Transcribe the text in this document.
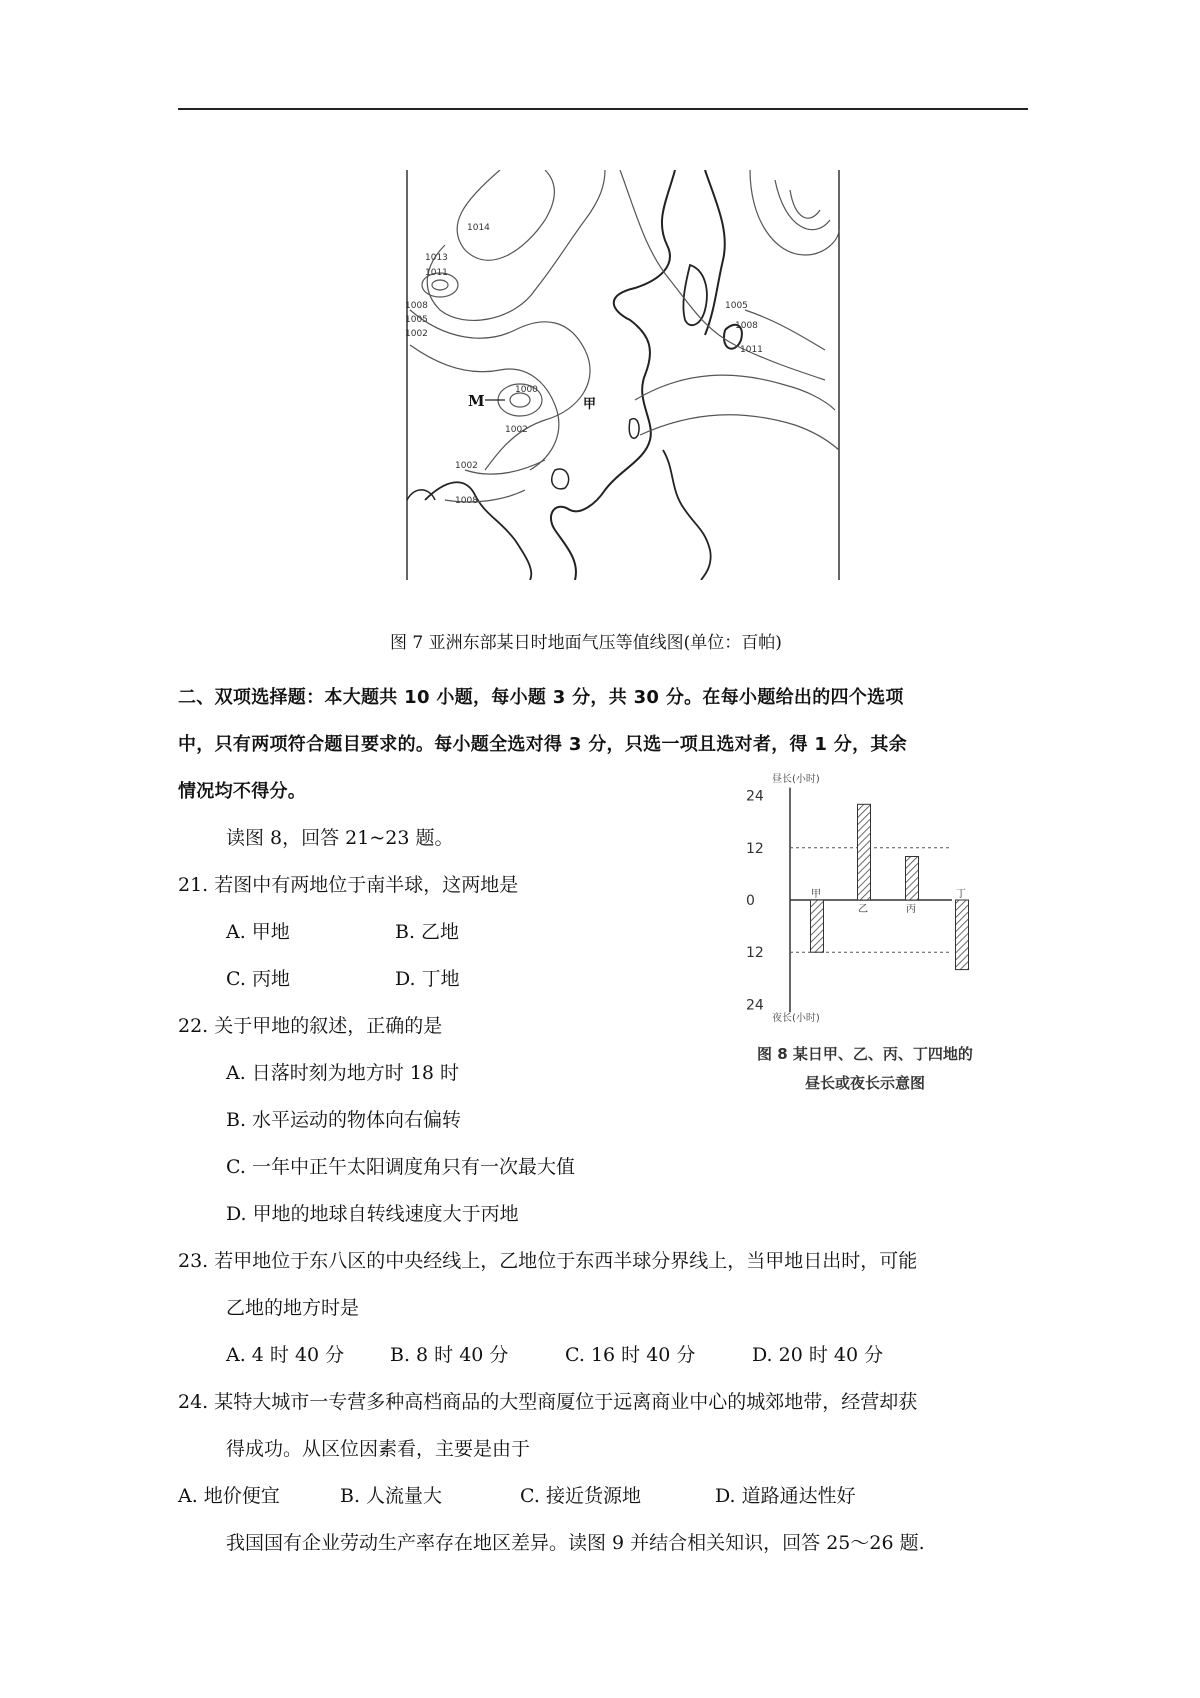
1014
1013
1011
1008
1005
1002
1002
1000
1005
1008
1011
1002
1008
M	甲
图 7 亚洲东部某日时地面气压等值线图(单位：百帕)
二、双项选择题：本大题共 10 小题，每小题 3 分，共 30 分。在每小题给出的四个选项
中，只有两项符合题目要求的。每小题全选对得 3 分，只选一项且选对者，得 1 分，其余
情况均不得分。
读图 8，回答 21~23 题。
21. 若图中有两地位于南半球，这两地是
A. 甲地	B. 乙地
C. 丙地	D. 丁地
22. 关于甲地的叙述，正确的是
A. 日落时刻为地方时 18 时
B. 水平运动的物体向右偏转
C. 一年中正午太阳调度角只有一次最大值
D. 甲地的地球自转线速度大于丙地
23. 若甲地位于东八区的中央经线上，乙地位于东西半球分界线上，当甲地日出时，可能
乙地的地方时是
A. 4 时 40 分 B. 8 时 40 分	C. 16 时 40 分	D. 20 时 40 分
24. 某特大城市一专营多种高档商品的大型商厦位于远离商业中心的城郊地带，经营却获
得成功。从区位因素看，主要是由于
A. 地价便宜	B. 人流量大	C. 接近货源地	D. 道路通达性好
我国国有企业劳动生产率存在地区差异。读图 9 并结合相关知识，回答 25～26 题.
昼长(小时)
夜长(小时)
24
12
0
12
24
甲
乙	丙
丁
图 8 某日甲、乙、丙、丁四地的
昼长或夜长示意图
